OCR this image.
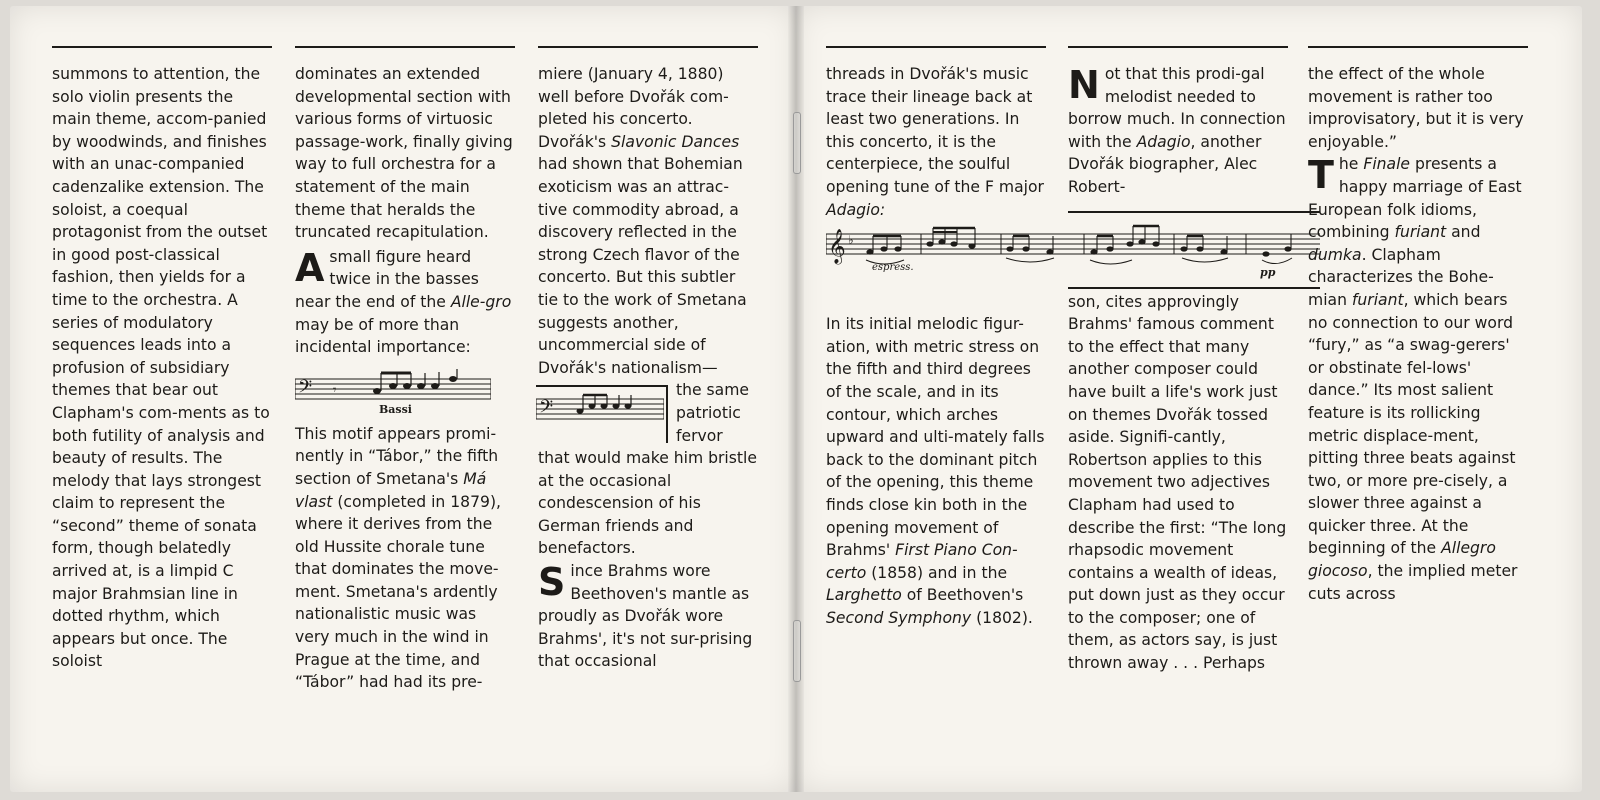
summons to attention, the solo violin presents the main theme, accom-panied by woodwinds, and finishes with an unac-companied cadenzalike extension. The soloist, a coequal protagonist from the outset in good post-classical fashion, then yields for a time to the orchestra. A series of modulatory sequences leads into a profusion of subsidiary themes that bear out Clapham's com-ments as to both futility of analysis and beauty of results. The melody that lays strongest claim to represent the “second” theme of sonata form, though belatedly arrived at, is a limpid C major Brahmsian line in dotted rhythm, which appears but once. The soloist

dominates an extended developmental section with various forms of virtuosic passage-work, finally giving way to full orchestra for a statement of the main theme that heralds the truncated recapitulation.

A small figure heard twice in the basses near the end of the Alle-gro may be of more than incidental importance:

𝄢 𝄾
Bassi

This motif appears promi-nently in “Tábor,” the fifth section of Smetana's Má vlast (completed in 1879), where it derives from the old Hussite chorale tune that dominates the move-ment. Smetana's ardently nationalistic music was very much in the wind in Prague at the time, and “Tábor” had had its pre-

miere (January 4, 1880) well before Dvořák com-pleted his concerto. Dvořák's Slavonic Dances had shown that Bohemian exoticism was an attrac-tive commodity abroad, a discovery reflected in the strong Czech flavor of the concerto. But this subtler tie to the work of Smetana suggests another, uncommercial side of Dvořák's nationalism—

𝄢
the same patriotic fervor that would make him bristle at the occasional condescension of his German friends and benefactors.

Since Brahms wore Beethoven's mantle as proudly as Dvořák wore Brahms', it's not sur-prising that occasional

threads in Dvořák's music trace their lineage back at least two generations. In this concerto, it is the centerpiece, the soulful opening tune of the F major Adagio:

In its initial melodic figur-ation, with metric stress on the fifth and third degrees of the scale, and in its contour, which arches upward and ulti-mately falls back to the dominant pitch of the opening, this theme finds close kin both in the opening movement of Brahms' First Piano Con-certo (1858) and in the Larghetto of Beethoven's Second Symphony (1802).

𝄞 ♭
espress.	pp

Not that this prodi-gal melodist needed to borrow much. In connection with the Adagio, another Dvořák biographer, Alec Robert-

son, cites approvingly Brahms' famous comment to the effect that many another composer could have built a life's work just on themes Dvořák tossed aside. Signifi-cantly, Robertson applies to this movement two adjectives Clapham had used to describe the first: “The long rhapsodic movement contains a wealth of ideas, put down just as they occur to the composer; one of them, as actors say, is just thrown away . . . Perhaps

the effect of the whole movement is rather too improvisatory, but it is very enjoyable.”

The Finale presents a happy marriage of East European folk idioms, combining furiant and dumka. Clapham characterizes the Bohe-mian furiant, which bears no connection to our word “fury,” as “a swag-gerers' or obstinate fel-lows' dance.” Its most salient feature is its rollicking metric displace-ment, pitting three beats against two, or more pre-cisely, a slower three against a quicker three. At the beginning of the Allegro giocoso, the implied meter cuts across
